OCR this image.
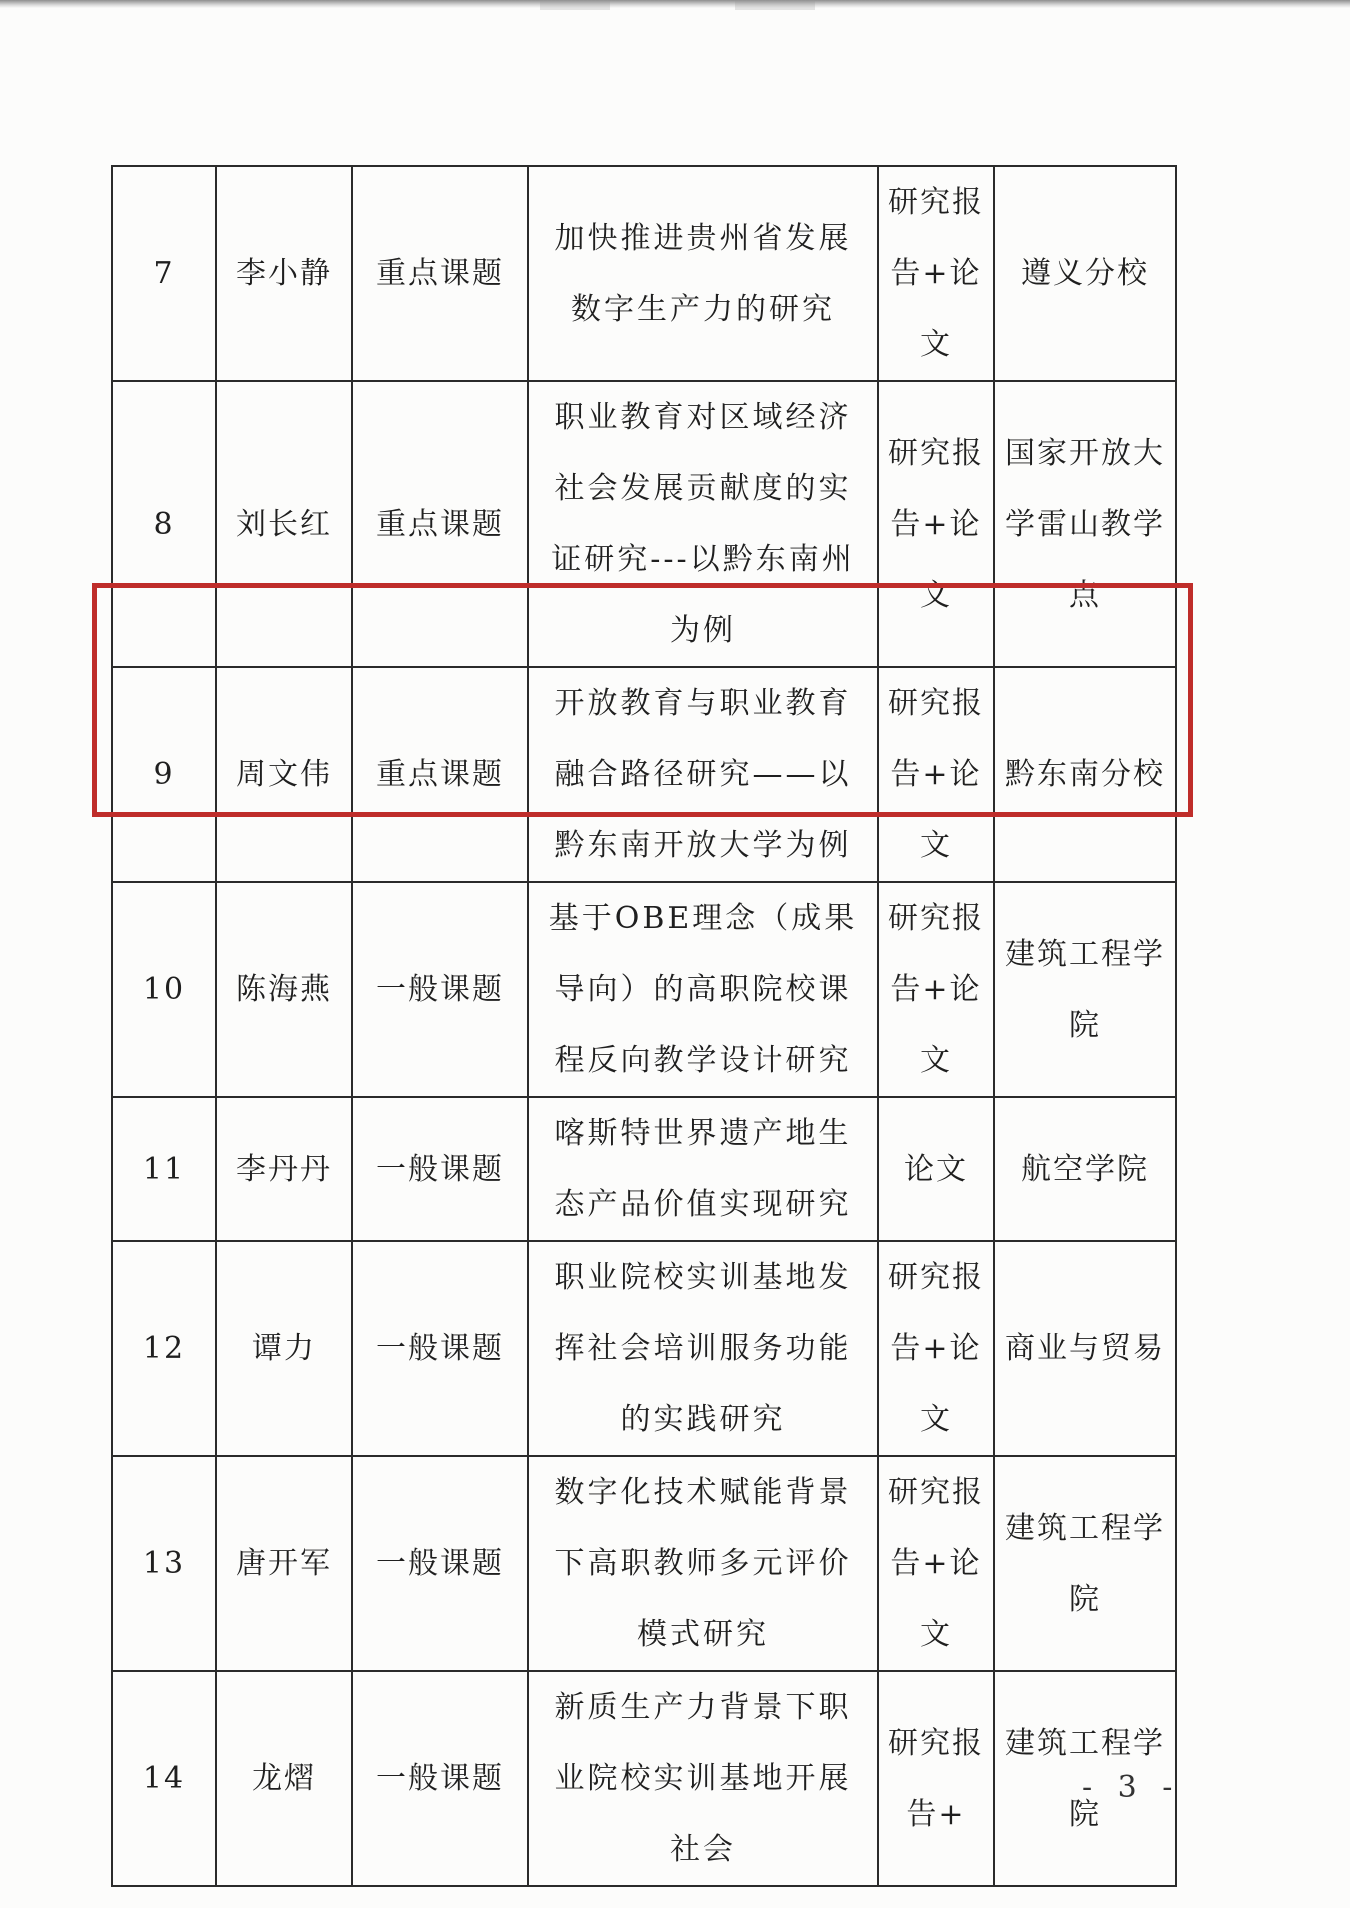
7	李小静	重点课题	加快推进贵州省发展数字生产力的研究	研究报告+论文	遵义分校

8	刘长红	重点课题	职业教育对区域经济社会发展贡献度的实证研究---以黔东南州为例	研究报告+论文	国家开放大学雷山教学点

9	周文伟	重点课题	开放教育与职业教育融合路径研究——以黔东南开放大学为例	研究报告+论文	黔东南分校

10	陈海燕	一般课题	基于OBE理念（成果导向）的高职院校课程反向教学设计研究	研究报告+论文	建筑工程学院

11	李丹丹	一般课题	喀斯特世界遗产地生态产品价值实现研究	论文	航空学院

12	谭力	一般课题	职业院校实训基地发挥社会培训服务功能的实践研究	研究报告+论文	商业与贸易

13	唐开军	一般课题	数字化技术赋能背景下高职教师多元评价模式研究	研究报告+论文	建筑工程学院

14	龙熠	一般课题	新质生产力背景下职业院校实训基地开展社会	研究报告+	建筑工程学院
- 3 -
